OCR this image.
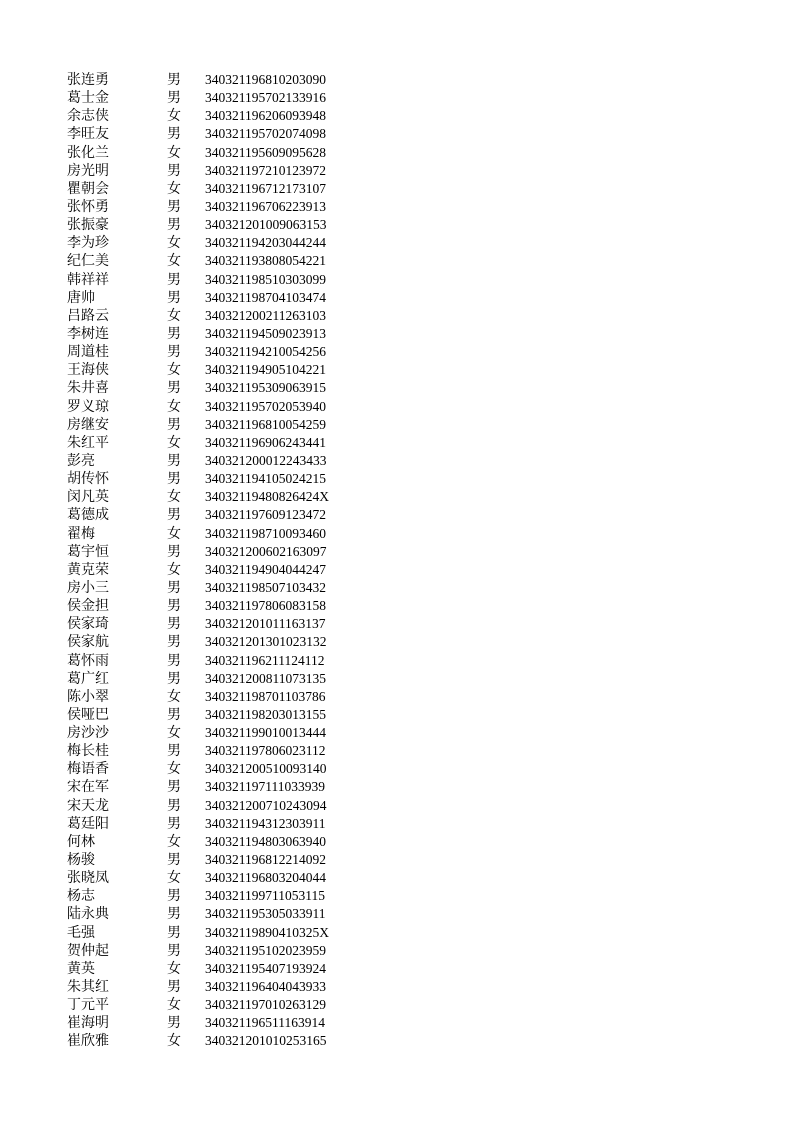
张连勇	男 340321196810203090
葛士金	男 340321195702133916
余志侠	女 340321196206093948
李旺友	男 340321195702074098
张化兰	女 340321195609095628
房光明	男 340321197210123972
瞿朝会	女 340321196712173107
张怀勇	男 340321196706223913
张振豪	男 340321201009063153
李为珍	女 340321194203044244
纪仁美	女 340321193808054221
韩祥祥	男 340321198510303099
唐帅	男 340321198704103474
吕路云	女 340321200211263103
李树连	男 340321194509023913
周道桂	男 340321194210054256
王海侠	女 340321194905104221
朱井喜	男 340321195309063915
罗义琼	女 340321195702053940
房继安	男 340321196810054259
朱红平	女 340321196906243441
彭亮	男 340321200012243433
胡传怀	男 340321194105024215
闵凡英	女 34032119480826424X
葛德成	男 340321197609123472
翟梅	女 340321198710093460
葛宇恒	男 340321200602163097
黄克荣	女 340321194904044247
房小三	男 340321198507103432
侯金担	男 340321197806083158
侯家琦	男 340321201011163137
侯家航	男 340321201301023132
葛怀雨	男 340321196211124112
葛广红	男 340321200811073135
陈小翠	女 340321198701103786
侯哑巴	男 340321198203013155
房沙沙	女 340321199010013444
梅长桂	男 340321197806023112
梅语香	女 340321200510093140
宋在军	男 340321197111033939
宋天龙	男 340321200710243094
葛廷阳	男 340321194312303911
何林	女 340321194803063940
杨骏	男 340321196812214092
张晓凤	女 340321196803204044
杨志	男 340321199711053115
陆永典	男 340321195305033911
毛强	男 34032119890410325X
贺仲起	男 340321195102023959
黄英	女 340321195407193924
朱其红	男 340321196404043933
丁元平	女 340321197010263129
崔海明	男 340321196511163914
崔欣雅	女 340321201010253165
